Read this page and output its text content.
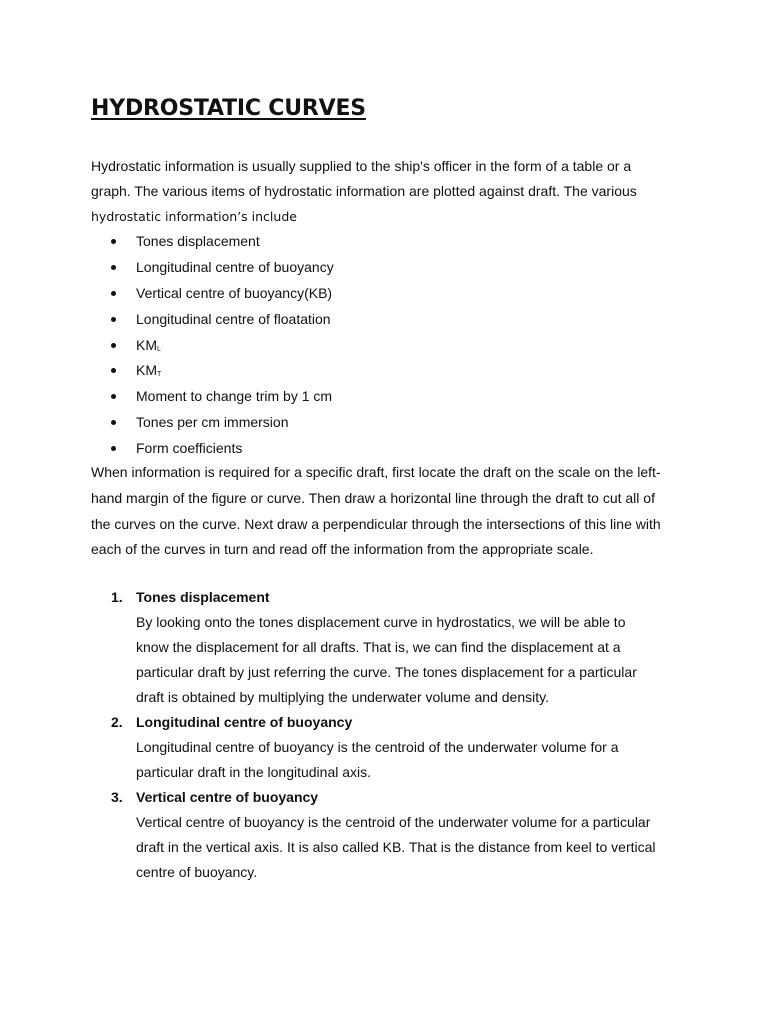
HYDROSTATIC CURVES

Hydrostatic information is usually supplied to the ship's officer in the form of a table or a
graph. The various items of hydrostatic information are plotted against draft. The various
hydrostatic information’s include

Tones displacement
Longitudinal centre of buoyancy
Vertical centre of buoyancy(KB)
Longitudinal centre of floatation
$KM_L$
$KM_T$
Moment to change trim by 1 cm
Tones per cm immersion
Form coefficients

When information is required for a specific draft, first locate the draft on the scale on the left-
hand margin of the figure or curve. Then draw a horizontal line through the draft to cut all of
the curves on the curve. Next draw a perpendicular through the intersections of this line with
each of the curves in turn and read off the information from the appropriate scale.

1. Tones displacement

By looking onto the tones displacement curve in hydrostatics, we will be able to
know the displacement for all drafts. That is, we can find the displacement at a
particular draft by just referring the curve. The tones displacement for a particular
draft is obtained by multiplying the underwater volume and density.

2. Longitudinal centre of buoyancy

Longitudinal centre of buoyancy is the centroid of the underwater volume for a
particular draft in the longitudinal axis.

3. Vertical centre of buoyancy

Vertical centre of buoyancy is the centroid of the underwater volume for a particular
draft in the vertical axis. It is also called KB. That is the distance from keel to vertical
centre of buoyancy.
